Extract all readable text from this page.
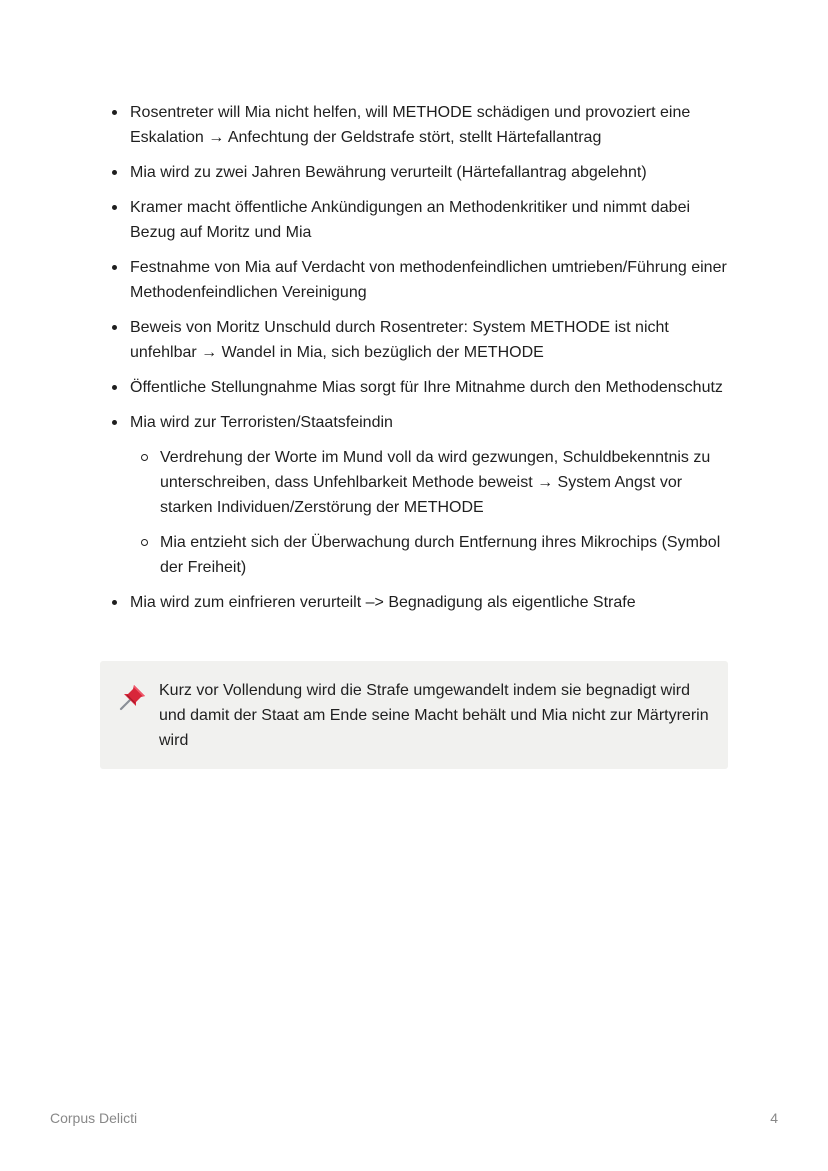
Rosentreter will Mia nicht helfen, will METHODE schädigen und provoziert eine Eskalation → Anfechtung der Geldstrafe stört, stellt Härtefallantrag
Mia wird zu zwei Jahren Bewährung verurteilt (Härtefallantrag abgelehnt)
Kramer macht öffentliche Ankündigungen an Methodenkritiker und nimmt dabei Bezug auf Moritz und Mia
Festnahme von Mia auf Verdacht von methodenfeindlichen umtrieben/Führung einer Methodenfeindlichen Vereinigung
Beweis von Moritz Unschuld durch Rosentreter: System METHODE ist nicht unfehlbar → Wandel in Mia, sich bezüglich der METHODE
Öffentliche Stellungnahme Mias sorgt für Ihre Mitnahme durch den Methodenschutz
Mia wird zur Terroristen/Staatsfeindin
Verdrehung der Worte im Mund voll da wird gezwungen, Schuldbekenntnis zu unterschreiben, dass Unfehlbarkeit Methode beweist → System Angst vor starken Individuen/Zerstörung der METHODE
Mia entzieht sich der Überwachung durch Entfernung ihres Mikrochips (Symbol der Freiheit)
Mia wird zum einfrieren verurteilt –> Begnadigung als eigentliche Strafe
Kurz vor Vollendung wird die Strafe umgewandelt indem sie begnadigt wird und damit der Staat am Ende seine Macht behält und Mia nicht zur Märtyrerin wird
Corpus Delicti	4
